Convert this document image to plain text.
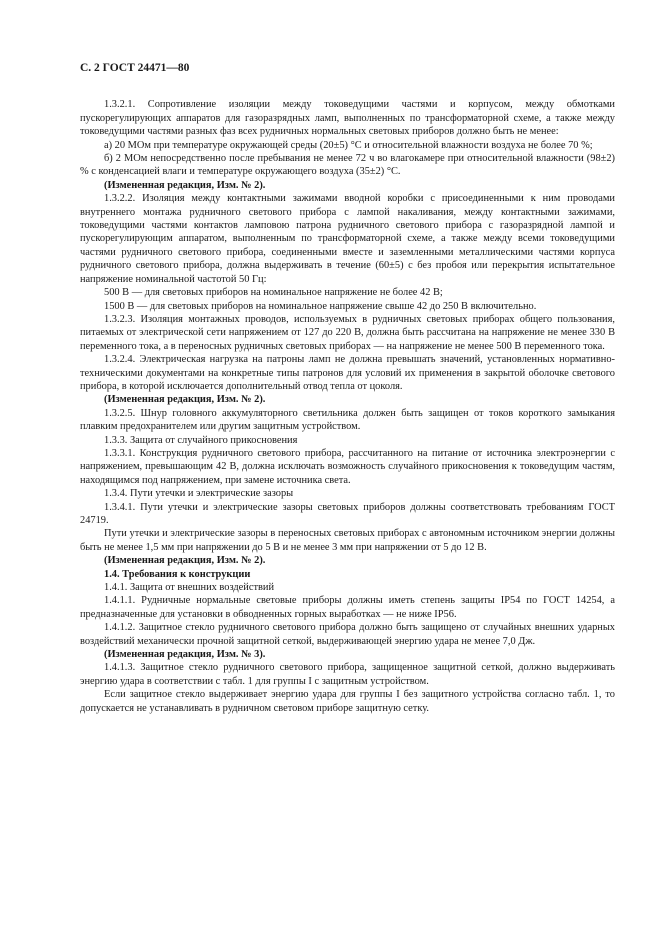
С. 2 ГОСТ 24471—80

1.3.2.1. Сопротивление изоляции между токоведущими частями и корпусом, между обмотками пускорегулирующих аппаратов для газоразрядных ламп, выполненных по трансформаторной схеме, а также между токоведущими частями разных фаз всех рудничных нормальных световых приборов должно быть не менее:

а) 20 МОм при температуре окружающей среды (20±5) °С и относительной влажности воздуха не более 70 %;

б) 2 МОм непосредственно после пребывания не менее 72 ч во влагокамере при относительной влажности (98±2) % с конденсацией влаги и температуре окружающего воздуха (35±2) °С.

(Измененная редакция, Изм. № 2).

1.3.2.2. Изоляция между контактными зажимами вводной коробки с присоединенными к ним проводами внутреннего монтажа рудничного светового прибора с лампой накаливания, между контактными зажимами, токоведущими частями контактов ламповою патрона рудничного светового прибора с газоразрядной лампой и пускорегулирующим аппаратом, выполненным по трансформаторной схеме, а также между всеми токоведущими частями рудничного светового прибора, соединенными вместе и заземленными металлическими частями корпуса рудничного светового прибора, должна выдерживать в течение (60±5) с без пробоя или перекрытия испытательное напряжение номинальной частотой 50 Гц:

500 В — для световых приборов на номинальное напряжение не более 42 В;

1500 В — для световых приборов на номинальное напряжение свыше 42 до 250 В включительно.

1.3.2.3. Изоляция монтажных проводов, используемых в рудничных световых приборах общего пользования, питаемых от электрической сети напряжением от 127 до 220 В, должна быть рассчитана на напряжение не менее 330 В переменного тока, а в переносных рудничных световых приборах — на напряжение не менее 500 В переменного тока.

1.3.2.4. Электрическая нагрузка на патроны ламп не должна превышать значений, установленных нормативно-техническими документами на конкретные типы патронов для условий их применения в закрытой оболочке светового прибора, в которой исключается дополнительный отвод тепла от цоколя.

(Измененная редакция, Изм. № 2).

1.3.2.5. Шнур головного аккумуляторного светильника должен быть защищен от токов короткого замыкания плавким предохранителем или другим защитным устройством.

1.3.3. Защита от случайного прикосновения

1.3.3.1. Конструкция рудничного светового прибора, рассчитанного на питание от источника электроэнергии с напряжением, превышающим 42 В, должна исключать возможность случайного прикосновения к токоведущим частям, находящимся под напряжением, при замене источника света.

1.3.4. Пути утечки и электрические зазоры

1.3.4.1. Пути утечки и электрические зазоры световых приборов должны соответствовать требованиям ГОСТ 24719.

Пути утечки и электрические зазоры в переносных световых приборах с автономным источником энергии должны быть не менее 1,5 мм при напряжении до 5 В и не менее 3 мм при напряжении от 5 до 12 В.

(Измененная редакция, Изм. № 2).

1.4. Требования к конструкции

1.4.1. Защита от внешних воздействий

1.4.1.1. Рудничные нормальные световые приборы должны иметь степень защиты IP54 по ГОСТ 14254, а предназначенные для установки в обводненных горных выработках — не ниже IP56.

1.4.1.2. Защитное стекло рудничного светового прибора должно быть защищено от случайных внешних ударных воздействий механически прочной защитной сеткой, выдерживающей энергию удара не менее 7,0 Дж.

(Измененная редакция, Изм. № 3).

1.4.1.3. Защитное стекло рудничного светового прибора, защищенное защитной сеткой, должно выдерживать энергию удара в соответствии с табл. 1 для группы I с защитным устройством.

Если защитное стекло выдерживает энергию удара для группы I без защитного устройства согласно табл. 1, то допускается не устанавливать в рудничном световом приборе защитную сетку.
